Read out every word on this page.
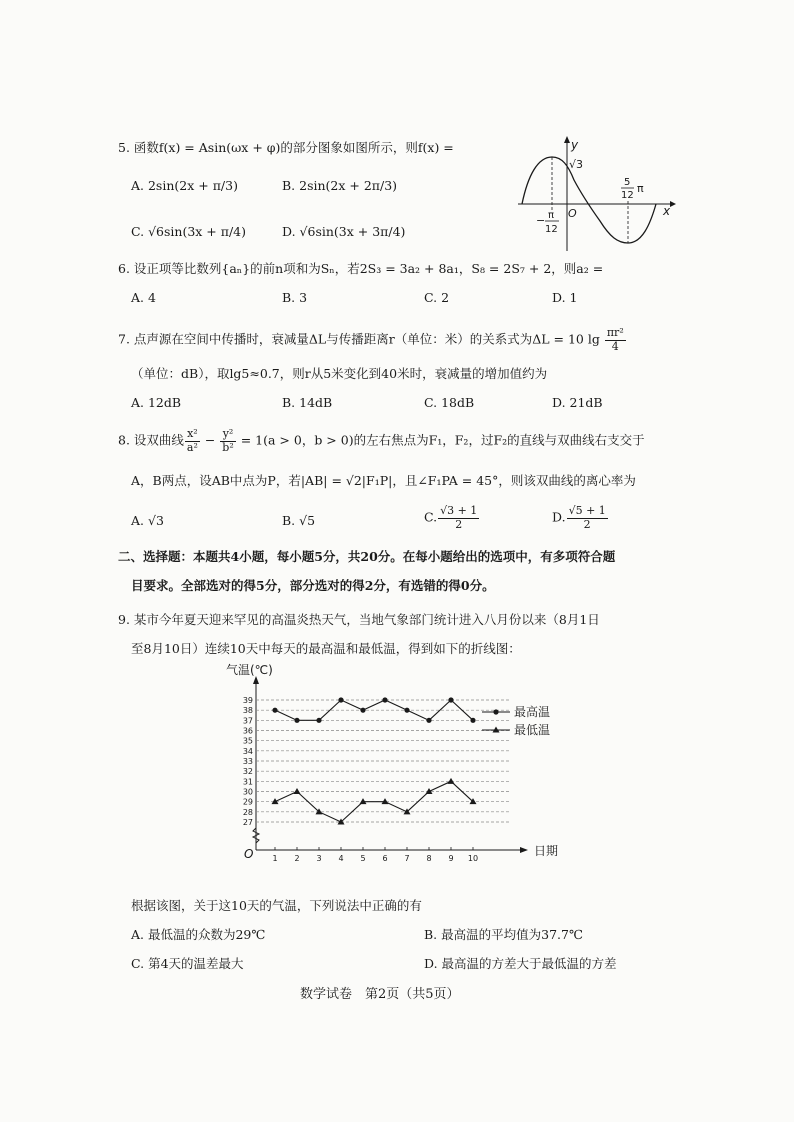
5. 函数f(x) = Asin(ωx + φ)的部分图象如图所示，则f(x) =
A. 2sin(2x + π/3)	B. 2sin(2x + 2π/3)
C. √6sin(3x + π/4)	D. √6sin(3x + 3π/4)
y
x
O
√3
5
12
π
− π
12
6. 设正项等比数列{aₙ}的前n项和为Sₙ，若2S₃ = 3a₂ + 8a₁，S₈ = 2S₇ + 2，则a₂ =
A. 4	B. 3	C. 2	D. 1
7. 点声源在空间中传播时，衰减量ΔL与传播距离r（单位：米）的关系式为ΔL = 10 $\lg \frac{\text{πr²}}{4}$
（单位：dB），取lg5≈0.7，则r从5米变化到40米时，衰减量的增加值约为
A. 12dB	B. 14dB	C. 18dB	D. 21dB
8. 设双曲线 $\frac{\text{x²}}{\text{a²}} - \frac{\text{y²}}{\text{b²}} = 1(a > 0$，b > 0)的左右焦点为F₁，F₂，过F₂的直线与双曲线右支交于
A，B两点，设AB中点为P，若|AB| = √2|F₁P|，且∠F₁PA = 45°，则该双曲线的离心率为
A. √3	B. √5	C. $\frac{√3 + 1}{2}$	D. $\frac{√5 + 1}{2}$
二、选择题：本题共4小题，每小题5分，共20分。在每小题给出的选项中，有多项符合题
目要求。全部选对的得5分，部分选对的得2分，有选错的得0分。
9. 某市今年夏天迎来罕见的高温炎热天气，当地气象部门统计进入八月份以来（8月1日
至8月10日）连续10天中每天的最高温和最低温，得到如下的折线图：
气温(℃)
日期
O
27
28
29
30
31
32
33
34
35
36
37
38
39
1 2 3 4 5 6 7 8 9 10
最高温
最低温
根据该图，关于这10天的气温，下列说法中正确的有
A. 最低温的众数为29℃	B. 最高温的平均值为37.7℃
C. 第4天的温差最大	D. 最高温的方差大于最低温的方差
数学试卷　第2页（共5页）
